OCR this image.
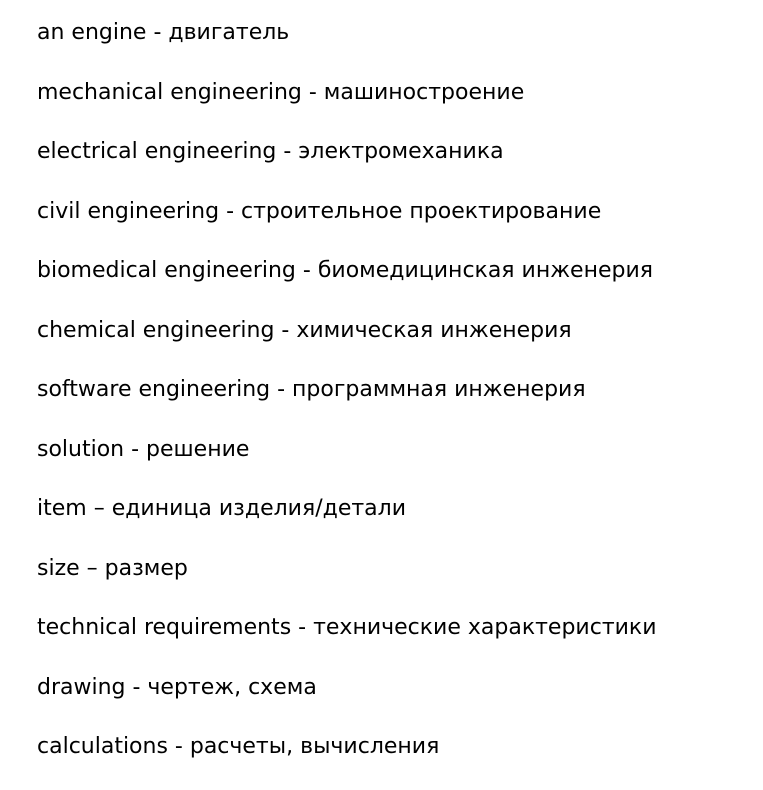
an engine - двигатель
mechanical engineering - машиностроение
electrical engineering - электромеханика
civil engineering - строительное проектирование
biomedical engineering - биомедицинская инженерия
chemical engineering - химическая инженерия
software engineering - программная инженерия
solution - решение
item – единица изделия/детали
size – размер
technical requirements - технические характеристики
drawing - чертеж, схема
calculations - расчеты, вычисления
